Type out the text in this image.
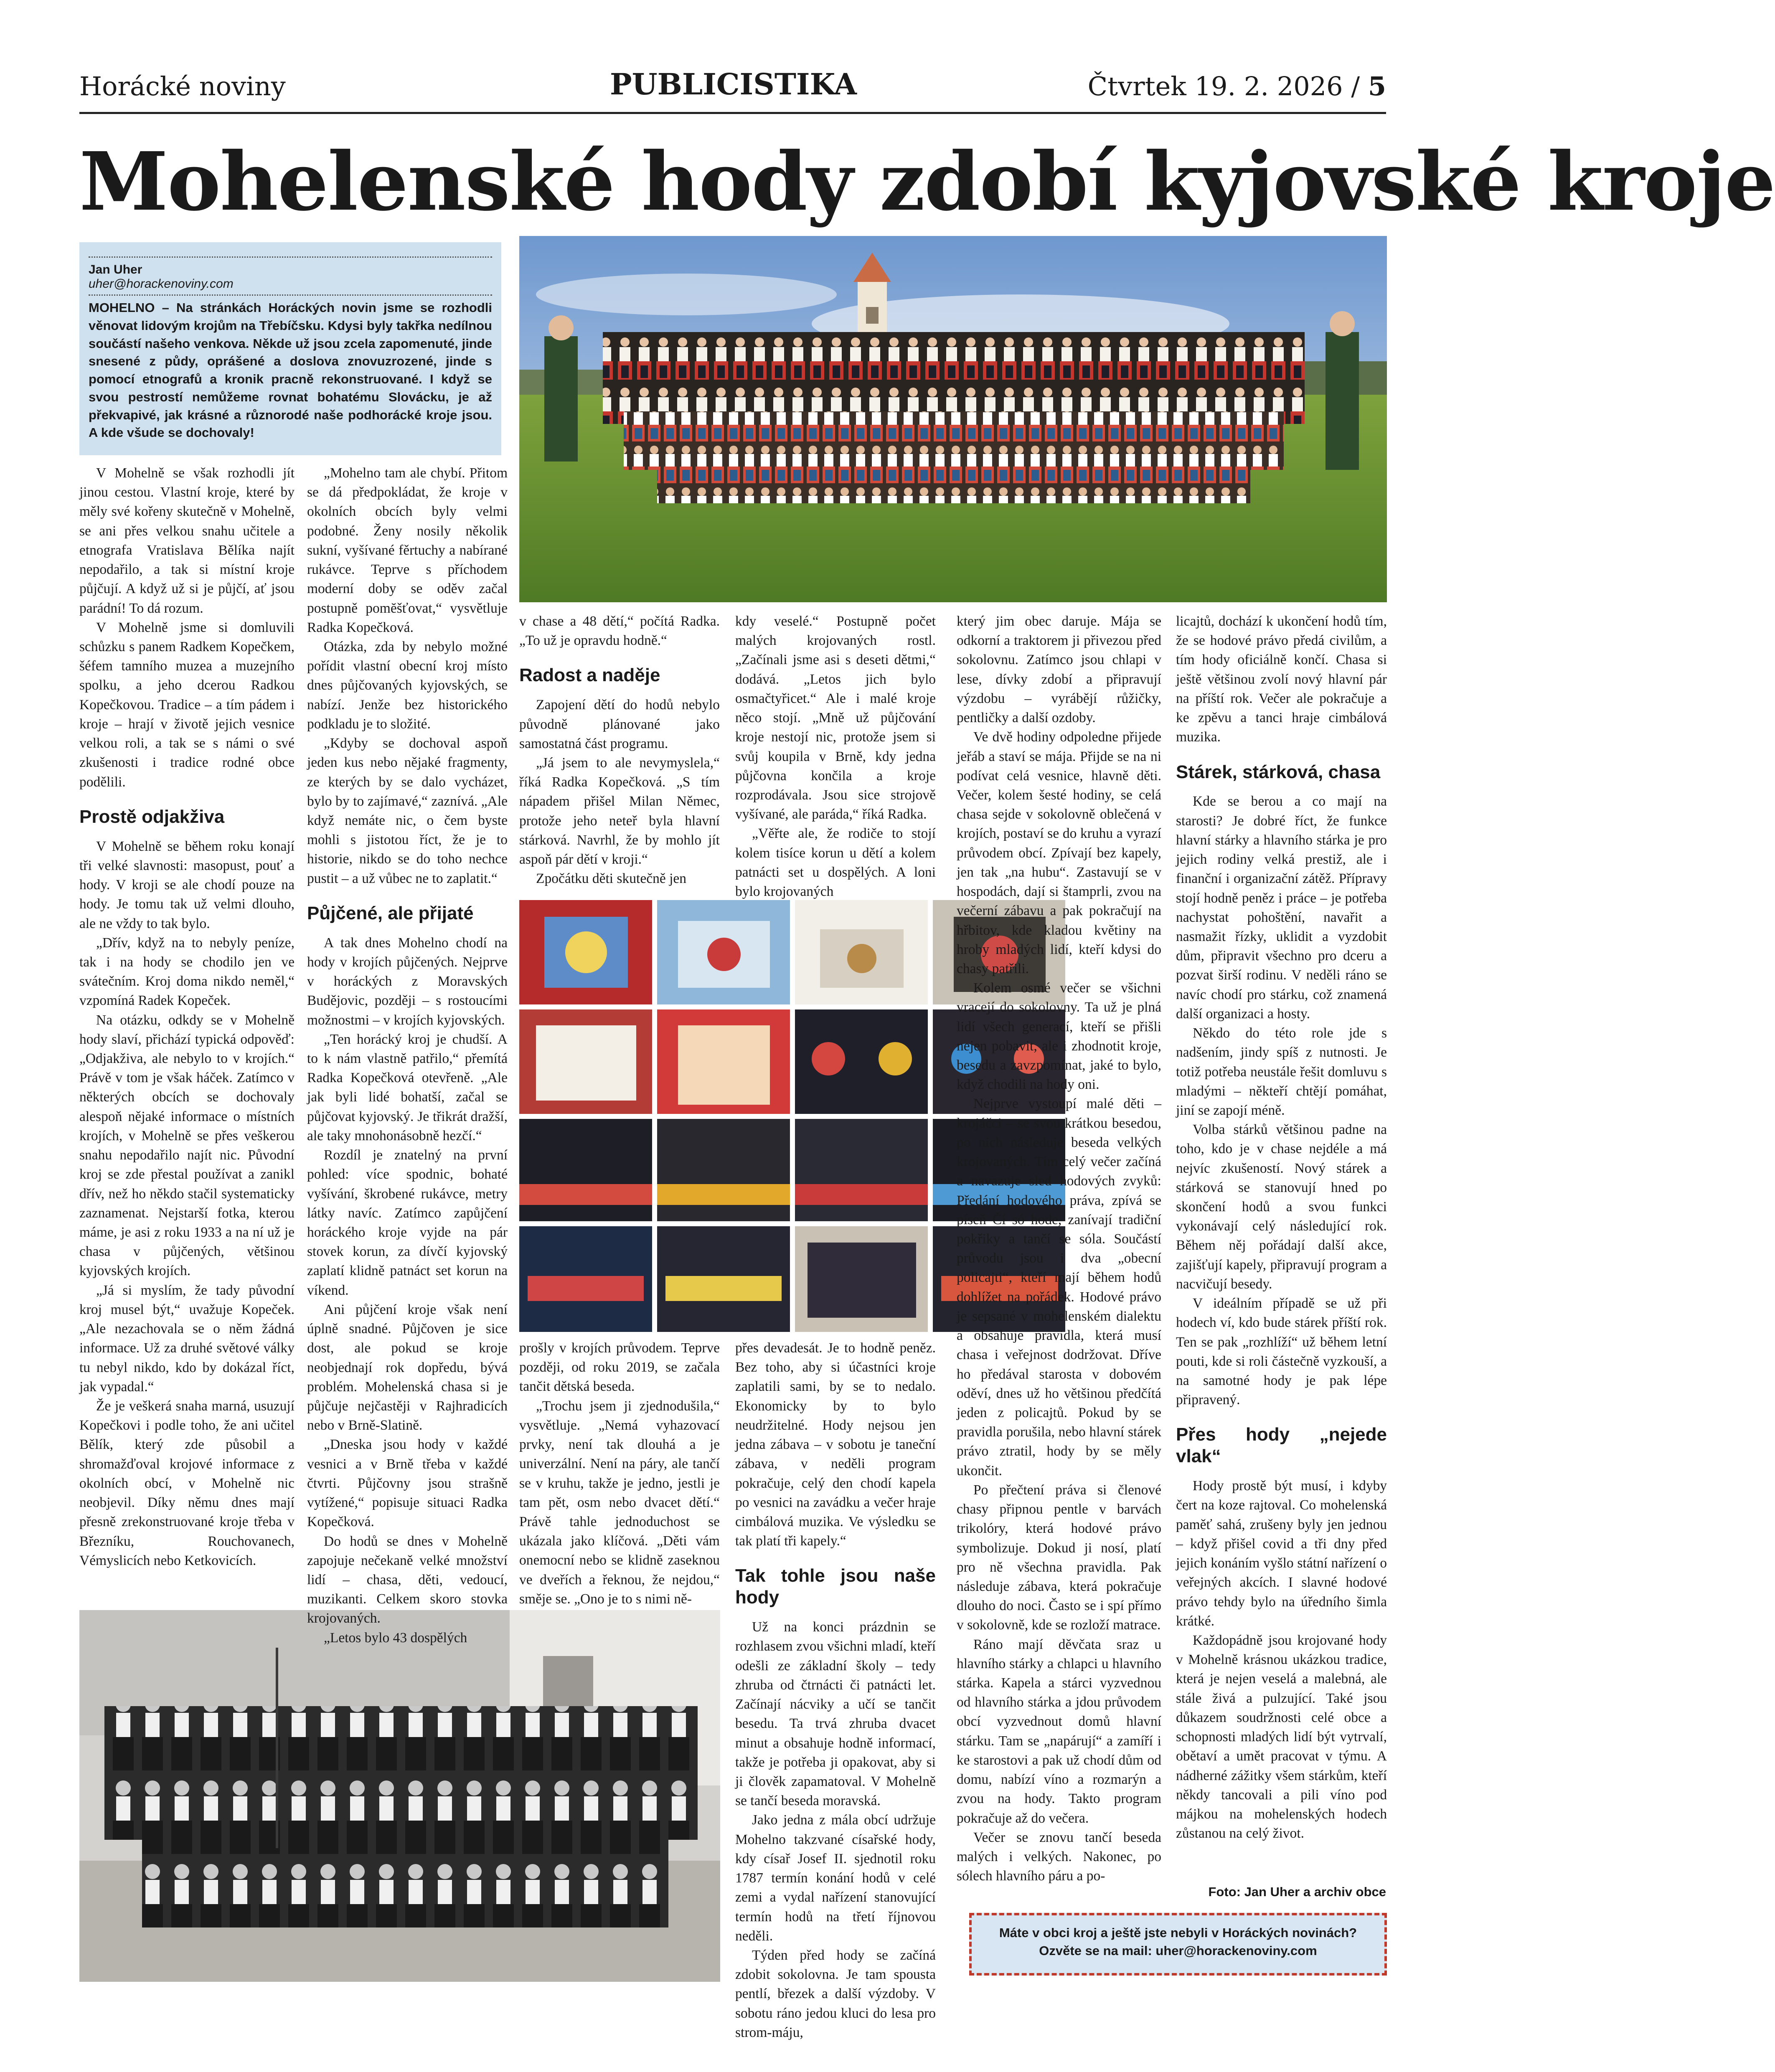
Horácké noviny	PUBLICISTIKA	Čtvrtek 19. 2. 2026 / 5
Mohelenské hody zdobí kyjovské kroje
Jan Uher
uher@horackenoviny.com

MOHELNO – Na stránkách Horáckých novin jsme se rozhodli věnovat lidovým krojům na Třebíčsku. Kdysi byly takřka nedílnou součástí našeho venkova. Někde už jsou zcela zapomenuté, jinde snesené z půdy, oprášené a doslova znovuzrozené, jinde s pomocí etnografů a kronik pracně rekonstruované. I když se svou pestrostí nemůžeme rovnat bohatému Slovácku, je až překvapivé, jak krásné a různorodé naše podhorácké kroje jsou. A kde všude se dochovaly!

V Mohelně se však rozhodli jít jinou cestou. Vlastní kroje, které by měly své kořeny skutečně v Mohelně, se ani přes velkou snahu učitele a etnografa Vratislava Bělíka najít nepodařilo, a tak si místní kroje půjčují. A když už si je půjčí, ať jsou parádní! To dá rozum.

V Mohelně jsme si domluvili schůzku s panem Radkem Kopečkem, šéfem tamního muzea a muzejního spolku, a jeho dcerou Radkou Kopečkovou. Tradice – a tím pádem i kroje – hrají v životě jejich vesnice velkou roli, a tak se s námi o své zkušenosti i tradice rodné obce podělili.

Prostě odjakživa

V Mohelně se během roku konají tři velké slavnosti: masopust, pouť a hody. V kroji se ale chodí pouze na hody. Je tomu tak už velmi dlouho, ale ne vždy to tak bylo.

„Dřív, když na to nebyly peníze, tak i na hody se chodilo jen ve svátečním. Kroj doma nikdo neměl,“ vzpomíná Radek Kopeček.

Na otázku, odkdy se v Mohelně hody slaví, přichází typická odpověď: „Odjakživa, ale nebylo to v krojích.“ Právě v tom je však háček. Zatímco v některých obcích se dochovaly alespoň nějaké informace o místních krojích, v Mohelně se přes veškerou snahu nepodařilo najít nic. Původní kroj se zde přestal používat a zanikl dřív, než ho někdo stačil systematicky zaznamenat. Nejstarší fotka, kterou máme, je asi z roku 1933 a na ní už je chasa v půjčených, většinou kyjovských krojích.

„Já si myslím, že tady původní kroj musel být,“ uvažuje Kopeček. „Ale nezachovala se o něm žádná informace. Už za druhé světové války tu nebyl nikdo, kdo by dokázal říct, jak vypadal.“

Že je veškerá snaha marná, usuzují Kopečkovi i podle toho, že ani učitel Bělík, který zde působil a shromažďoval krojové informace z okolních obcí, v Mohelně nic neobjevil. Díky němu dnes mají přesně zrekonstruované kroje třeba v Březníku, Rouchovanech, Vémyslicích nebo Ketkovicích.

„Mohelno tam ale chybí. Přitom se dá předpokládat, že kroje v okolních obcích byly velmi podobné. Ženy nosily několik sukní, vyšívané fěrtuchy a nabírané rukávce. Teprve s příchodem moderní doby se oděv začal postupně pomĕšťovat,“ vysvětluje Radka Kopečková.

Otázka, zda by nebylo možné pořídit vlastní obecní kroj místo dnes půjčovaných kyjovských, se nabízí. Jenže bez historického podkladu je to složité.

„Kdyby se dochoval aspoň jeden kus nebo nějaké fragmenty, ze kterých by se dalo vycházet, bylo by to zajímavé,“ zaznívá. „Ale když nemáte nic, o čem byste mohli s jistotou říct, že je to historie, nikdo se do toho nechce pustit – a už vůbec ne to zaplatit.“

Půjčené, ale přijaté

A tak dnes Mohelno chodí na hody v krojích půjčených. Nejprve v horáckých z Moravských Budějovic, později – s rostoucími možnostmi – v krojích kyjovských.

„Ten horácký kroj je chudší. A to k nám vlastně patřilo,“ přemítá Radka Kopečková otevřeně. „Ale jak byli lidé bohatší, začal se půjčovat kyjovský. Je třikrát dražší, ale taky mnohonásobně hezčí.“

Rozdíl je znatelný na první pohled: více spodnic, bohaté vyšívání, škrobené rukávce, metry látky navíc. Zatímco zapůjčení horáckého kroje vyjde na pár stovek korun, za dívčí kyjovský zaplatí klidně patnáct set korun na víkend.

Ani půjčení kroje však není úplně snadné. Půjčoven je sice dost, ale pokud se kroje neobjednají rok dopředu, bývá problém. Mohelenská chasa si je půjčuje nejčastěji v Rajhradicích nebo v Brně-Slatině.

„Dneska jsou hody v každé vesnici a v Brně třeba v každé čtvrti. Půjčovny jsou strašně vytížené,“ popisuje situaci Radka Kopečková.

Do hodů se dnes v Mohelně zapojuje nečekaně velké množství lidí – chasa, děti, vedoucí, muzikanti. Celkem skoro stovka krojovaných.

„Letos bylo 43 dospělých

v chase a 48 dětí,“ počítá Radka. „To už je opravdu hodně.“

Radost a naděje

Zapojení dětí do hodů nebylo původně plánované jako samostatná část programu.

„Já jsem to ale nevymyslela,“ říká Radka Kopečková. „S tím nápadem přišel Milan Němec, protože jeho neteř byla hlavní stárková. Navrhl, že by mohlo jít aspoň pár dětí v kroji.“

Zpočátku děti skutečně jen

prošly v krojích průvodem. Teprve později, od roku 2019, se začala tančit dětská beseda.

„Trochu jsem ji zjednodušila,“ vysvětluje. „Nemá vyhazovací prvky, není tak dlouhá a je univerzální. Není na páry, ale tančí se v kruhu, takže je jedno, jestli je tam pět, osm nebo dvacet dětí.“ Právě tahle jednoduchost se ukázala jako klíčová. „Děti vám onemocní nebo se klidně zaseknou ve dveřích a řeknou, že nejdou,“ směje se. „Ono je to s nimi ně-

kdy veselé.“ Postupně počet malých krojovaných rostl. „Začínali jsme asi s deseti dětmi,“ dodává. „Letos jich bylo osmačtyřicet.“ Ale i malé kroje něco stojí. „Mně už půjčování kroje nestojí nic, protože jsem si svůj koupila v Brně, kdy jedna půjčovna končila a kroje rozprodávala. Jsou sice strojově vyšívané, ale paráda,“ říká Radka.

„Věřte ale, že rodiče to stojí kolem tisíce korun u dětí a kolem patnácti set u dospělých. A loni bylo krojovaných

přes devadesát. Je to hodně peněz. Bez toho, aby si účastníci kroje zaplatili sami, by se to nedalo. Ekonomicky by to bylo neudržitelné. Hody nejsou jen jedna zábava – v sobotu je taneční zábava, v neděli program pokračuje, celý den chodí kapela po vesnici na zavádku a večer hraje cimbálová muzika. Ve výsledku se tak platí tři kapely.“

Tak tohle jsou naše hody

Už na konci prázdnin se rozhlasem zvou všichni mladí, kteří odešli ze základní školy – tedy zhruba od čtrnácti či patnácti let. Začínají nácviky a učí se tančit besedu. Ta trvá zhruba dvacet minut a obsahuje hodně informací, takže je potřeba ji opakovat, aby si ji člověk zapamatoval. V Mohelně se tančí beseda moravská.

Jako jedna z mála obcí udržuje Mohelno takzvané císařské hody, kdy císař Josef II. sjednotil roku 1787 termín konání hodů v celé zemi a vydal nařízení stanovující termín hodů na třetí říjnovou neděli.

Týden před hody se začíná zdobit sokolovna. Je tam spousta pentlí, březek a další výzdoby. V sobotu ráno jedou kluci do lesa pro strom-máju,

který jim obec daruje. Mája se odkorní a traktorem ji přivezou před sokolovnu. Zatímco jsou chlapi v lese, dívky zdobí a připravují výzdobu – vyrábějí růžičky, pentličky a další ozdoby.

Ve dvě hodiny odpoledne přijede jeřáb a staví se mája. Přijde se na ni podívat celá vesnice, hlavně děti. Večer, kolem šesté hodiny, se celá chasa sejde v sokolovně oblečená v krojích, postaví se do kruhu a vyrazí průvodem obcí. Zpívají bez kapely, jen tak „na hubu“. Zastavují se v hospodách, dají si štamprli, zvou na večerní zábavu a pak pokračují na hřbitov, kde kladou květiny na hroby mladých lidí, kteří kdysi do chasy patřili.

Kolem osmé večer se všichni vracejí do sokolovny. Ta už je plná lidí všech generací, kteří se přišli nejen pobavit, ale i zhodnotit kroje, besedu a zavzpomínat, jaké to bylo, když chodili na hody oni.

Nejprve vystoupí malé děti – krojáčci – se svou krátkou besedou, po nich následuje beseda velkých krojovaných. Tím celý večer začíná a navazuje sled hodových zvyků: Předání hodového práva, zpívá se píseň Čí só hode, zanívají tradiční pokřiky a tančí se sóla. Součástí průvodu jsou i dva „obecní policajti“, kteří mají během hodů dohlížet na pořádek. Hodové právo je sepsané v mohelenském dialektu a obsahuje pravidla, která musí chasa i veřejnost dodržovat. Dříve ho předával starosta v dobovém oděví, dnes už ho většinou předčítá jeden z policajtů. Pokud by se pravidla porušila, nebo hlavní stárek právo ztratil, hody by se měly ukončit.

Po přečtení práva si členové chasy připnou pentle v barvách trikolóry, která hodové právo symbolizuje. Dokud ji nosí, platí pro ně všechna pravidla. Pak následuje zábava, která pokračuje dlouho do noci. Často se i spí přímo v sokolovně, kde se rozloží matrace.

Ráno mají děvčata sraz u hlavního stárky a chlapci u hlavního stárka. Kapela a stárci vyzvednou od hlavního stárka a jdou průvodem obcí vyzvednout domů hlavní stárku. Tam se „napárují“ a zamíří i ke starostovi a pak už chodí dům od domu, nabízí víno a rozmarýn a zvou na hody. Takto program pokračuje až do večera.

Večer se znovu tančí beseda malých i velkých. Nakonec, po sólech hlavního páru a po-

licajtů, dochází k ukončení hodů tím, že se hodové právo předá civilům, a tím hody oficiálně končí. Chasa si ještě většinou zvolí nový hlavní pár na příští rok. Večer ale pokračuje a ke zpěvu a tanci hraje cimbálová muzika.

Stárek, stárková, chasa

Kde se berou a co mají na starosti? Je dobré říct, že funkce hlavní stárky a hlavního stárka je pro jejich rodiny velká prestiž, ale i finanční i organizační zátěž. Přípravy stojí hodně peněz i práce – je potřeba nachystat pohoštění, navařit a nasmažit řízky, uklidit a vyzdobit dům, připravit všechno pro dceru a pozvat širší rodinu. V neděli ráno se navíc chodí pro stárku, což znamená další organizaci a hosty.

Někdo do této role jde s nadšením, jindy spíš z nutnosti. Je totiž potřeba neustále řešit domluvu s mladými – někteří chtějí pomáhat, jiní se zapojí méně.

Volba stárků většinou padne na toho, kdo je v chase nejdéle a má nejvíc zkušeností. Nový stárek a stárková se stanovují hned po skončení hodů a svou funkci vykonávají celý následující rok. Během něj pořádají další akce, zajišťují kapely, připravují program a nacvičují besedy.

V ideálním případě se už při hodech ví, kdo bude stárek příští rok. Ten se pak „rozhlíží“ už během letní pouti, kde si roli částečně vyzkouší, a na samotné hody je pak lépe připravený.

Přes hody „nejede vlak“

Hody prostě být musí, i kdyby čert na koze rajtoval. Co mohelenská paměť sahá, zrušeny byly jen jednou – když přišel covid a tři dny před jejich konáním vyšlo státní nařízení o veřejných akcích. I slavné hodové právo tehdy bylo na úředního šimla krátké.

Každopádně jsou krojované hody v Mohelně krásnou ukázkou tradice, která je nejen veselá a malebná, ale stále živá a pulzující. Také jsou důkazem soudržnosti celé obce a schopnosti mladých lidí být vytrvalí, obětaví a umět pracovat v týmu. A nádherné zážitky všem stárkům, kteří někdy tancovali a pili víno pod májkou na mohelenských hodech zůstanou na celý život.

Foto: Jan Uher a archiv obce
Máte v obci kroj a ještě jste nebyli v Horáckých novinách?
Ozvěte se na mail: uher@horackenoviny.com
